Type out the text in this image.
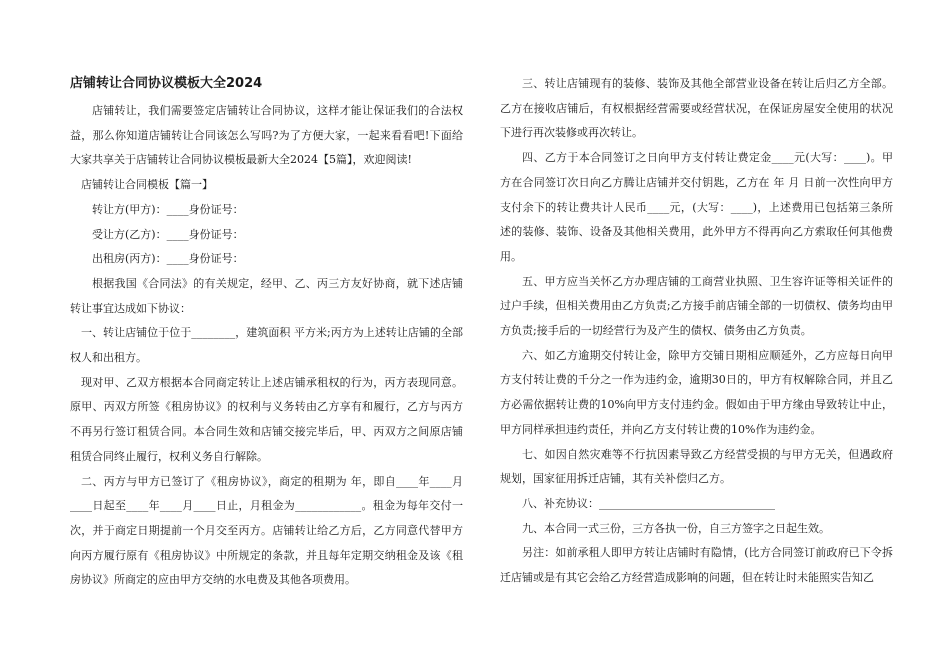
店铺转让合同协议模板大全2024

店铺转让，我们需要签定店铺转让合同协议，这样才能让保证我们的合法权益，那么你知道店铺转让合同该怎么写吗?为了方便大家，一起来看看吧!下面给大家共享关于店铺转让合同协议模板最新大全2024【5篇】，欢迎阅读!

店铺转让合同模板【篇一】

转让方(甲方)：____身份证号：

受让方(乙方)：____身份证号：

出租房(丙方)：____身份证号：

根据我国《合同法》的有关规定，经甲、乙、丙三方友好协商，就下述店铺转让事宜达成如下协议：

一、转让店铺位于位于________，建筑面积 平方米;丙方为上述转让店铺的全部权人和出租方。

现对甲、乙双方根据本合同商定转让上述店铺承租权的行为，丙方表现同意。原甲、丙双方所签《租房协议》的权利与义务转由乙方享有和履行，乙方与丙方不再另行签订租赁合同。本合同生效和店铺交接完毕后，甲、丙双方之间原店铺租赁合同终止履行，权利义务自行解除。

二、丙方与甲方已签订了《租房协议》，商定的租期为 年，即自____年____月____日起至____年____月____日止，月租金为____________。租金为每年交付一次，并于商定日期提前一个月交至丙方。店铺转让给乙方后，乙方同意代替甲方向丙方履行原有《租房协议》中所规定的条款，并且每年定期交纳租金及该《租房协议》所商定的应由甲方交纳的水电费及其他各项费用。

三、转让店铺现有的装修、装饰及其他全部营业设备在转让后归乙方全部。乙方在接收店铺后，有权根据经营需要或经营状况，在保证房屋安全使用的状况下进行再次装修或再次转让。

四、乙方于本合同签订之日向甲方支付转让费定金____元(大写：____)。甲方在合同签订次日向乙方腾让店铺并交付钥匙，乙方在 年 月 日前一次性向甲方支付余下的转让费共计人民币____元，(大写：____)，上述费用已包括第三条所述的装修、装饰、设备及其他相关费用，此外甲方不得再向乙方索取任何其他费用。

五、甲方应当关怀乙方办理店铺的工商营业执照、卫生容许证等相关证件的过户手续，但相关费用由乙方负责;乙方接手前店铺全部的一切债权、债务均由甲方负责;接手后的一切经营行为及产生的债权、债务由乙方负责。

六、如乙方逾期交付转让金，除甲方交铺日期相应顺延外，乙方应每日向甲方支付转让费的千分之一作为违约金，逾期30日的，甲方有权解除合同，并且乙方必需依据转让费的10%向甲方支付违约金。假如由于甲方缘由导致转让中止，甲方同样承担违约责任，并向乙方支付转让费的10%作为违约金。

七、如因自然灾难等不行抗因素导致乙方经营受损的与甲方无关，但遇政府规划，国家征用拆迁店铺，其有关补偿归乙方。

八、补充协议：________________________________

九、本合同一式三份，三方各执一份，自三方签字之日起生效。

另注：如前承租人即甲方转让店铺时有隐情，(比方合同签订前政府已下令拆迁店铺或是有其它会给乙方经营造成影响的问题，但在转让时未能照实告知乙
